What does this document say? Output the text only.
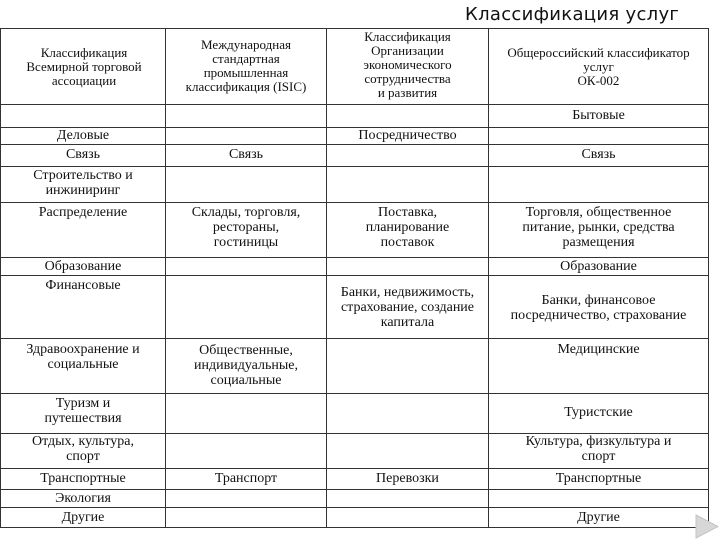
Классификация услуг
Классификация
Всемирной торговой
ассоциации
Международная
стандартная
промышленная
классификация (ISIC)
Классификация
Организации
экономического
сотрудничества
и развития
Общероссийский классификатор
услуг
ОК-002
Деловые
Связь
Строительство и
инжиниринг
Распределение
Образование
Финансовые
Здравоохранение и
социальные
Туризм и
путешествия
Отдых, культура,
спорт
Транспортные
Экология
Другие
Связь
Склады, торговля,
рестораны,
гостиницы
Общественные,
индивидуальные,
социальные
Транспорт
Посредничество
Поставка,
планирование
поставок
Банки, недвижимость,
страхование, создание
капитала
Перевозки
Бытовые
Связь
Торговля, общественное
питание, рынки, средства
размещения
Образование
Банки, финансовое
посредничество, страхование
Медицинские
Туристские
Культура, физкультура и
спорт
Транспортные
Другие
